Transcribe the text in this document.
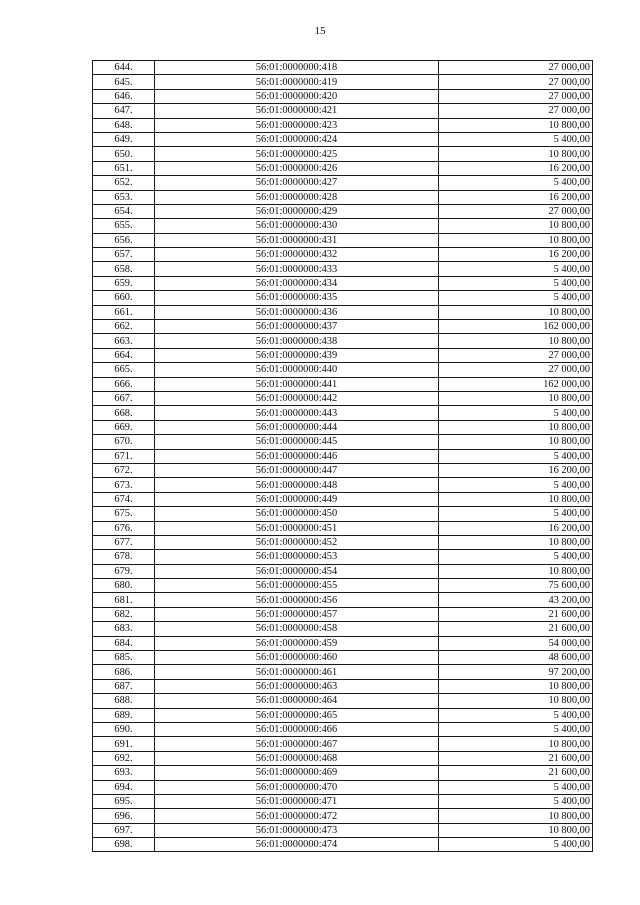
15
644.	56:01:0000000:418	27 000,00
645.	56:01:0000000:419	27 000,00
646.	56:01:0000000:420	27 000,00
647.	56:01:0000000:421	27 000,00
648.	56:01:0000000:423	10 800,00
649.	56:01:0000000:424	5 400,00
650.	56:01:0000000:425	10 800,00
651.	56:01:0000000:426	16 200,00
652.	56:01:0000000:427	5 400,00
653.	56:01:0000000:428	16 200,00
654.	56:01:0000000:429	27 000,00
655.	56:01:0000000:430	10 800,00
656.	56:01:0000000:431	10 800,00
657.	56:01:0000000:432	16 200,00
658.	56:01:0000000:433	5 400,00
659.	56:01:0000000:434	5 400,00
660.	56:01:0000000:435	5 400,00
661.	56:01:0000000:436	10 800,00
662.	56:01:0000000:437	162 000,00
663.	56:01:0000000:438	10 800,00
664.	56:01:0000000:439	27 000,00
665.	56:01:0000000:440	27 000,00
666.	56:01:0000000:441	162 000,00
667.	56:01:0000000:442	10 800,00
668.	56:01:0000000:443	5 400,00
669.	56:01:0000000:444	10 800,00
670.	56:01:0000000:445	10 800,00
671.	56:01:0000000:446	5 400,00
672.	56:01:0000000:447	16 200,00
673.	56:01:0000000:448	5 400,00
674.	56:01:0000000:449	10 800,00
675.	56:01:0000000:450	5 400,00
676.	56:01:0000000:451	16 200,00
677.	56:01:0000000:452	10 800,00
678.	56:01:0000000:453	5 400,00
679.	56:01:0000000:454	10 800,00
680.	56:01:0000000:455	75 600,00
681.	56:01:0000000:456	43 200,00
682.	56:01:0000000:457	21 600,00
683.	56:01:0000000:458	21 600,00
684.	56:01:0000000:459	54 000,00
685.	56:01:0000000:460	48 600,00
686.	56:01:0000000:461	97 200,00
687.	56:01:0000000:463	10 800,00
688.	56:01:0000000:464	10 800,00
689.	56:01:0000000:465	5 400,00
690.	56:01:0000000:466	5 400,00
691.	56:01:0000000:467	10 800,00
692.	56:01:0000000:468	21 600,00
693.	56:01:0000000:469	21 600,00
694.	56:01:0000000:470	5 400,00
695.	56:01:0000000:471	5 400,00
696.	56:01:0000000:472	10 800,00
697.	56:01:0000000:473	10 800,00
698.	56:01:0000000:474	5 400,00
